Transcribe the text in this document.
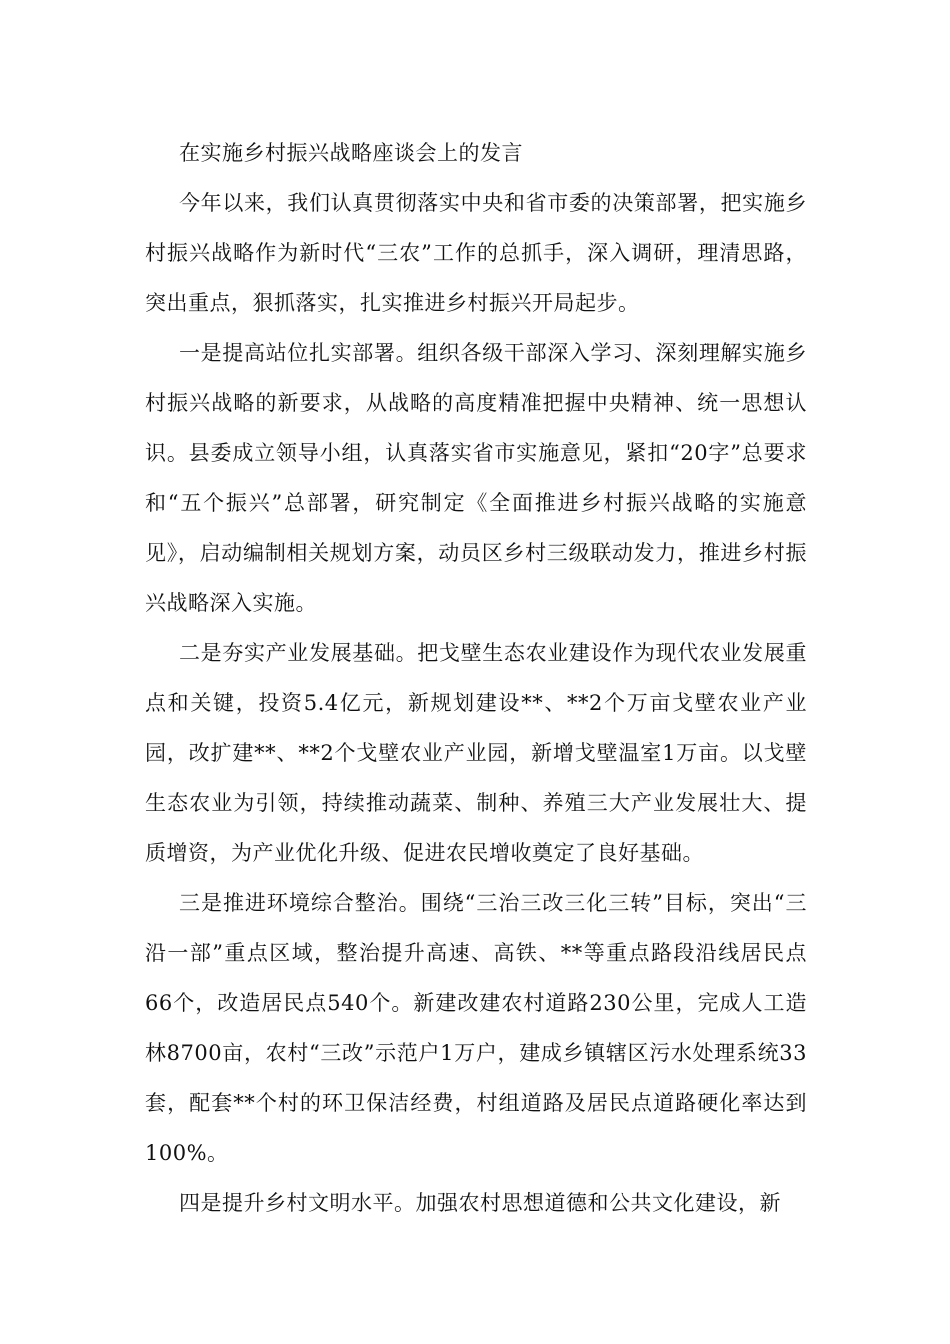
在实施乡村振兴战略座谈会上的发言

今年以来，我们认真贯彻落实中央和省市委的决策部署，把实施乡村振兴战略作为新时代“三农”工作的总抓手，深入调研，理清思路，突出重点，狠抓落实，扎实推进乡村振兴开局起步。

一是提高站位扎实部署。组织各级干部深入学习、深刻理解实施乡村振兴战略的新要求，从战略的高度精准把握中央精神、统一思想认识。县委成立领导小组，认真落实省市实施意见，紧扣“20字”总要求和“五个振兴”总部署，研究制定《全面推进乡村振兴战略的实施意见》，启动编制相关规划方案，动员区乡村三级联动发力，推进乡村振兴战略深入实施。

二是夯实产业发展基础。把戈壁生态农业建设作为现代农业发展重点和关键，投资5.4亿元，新规划建设**、**2个万亩戈壁农业产业园，改扩建**、**2个戈壁农业产业园，新增戈壁温室1万亩。以戈壁生态农业为引领，持续推动蔬菜、制种、养殖三大产业发展壮大、提质增资，为产业优化升级、促进农民增收奠定了良好基础。

三是推进环境综合整治。围绕“三治三改三化三转”目标，突出“三沿一部”重点区域，整治提升高速、高铁、**等重点路段沿线居民点66个，改造居民点540个。新建改建农村道路230公里，完成人工造林8700亩，农村“三改”示范户1万户，建成乡镇辖区污水处理系统33套，配套**个村的环卫保洁经费，村组道路及居民点道路硬化率达到100%。

四是提升乡村文明水平。加强农村思想道德和公共文化建设，新
